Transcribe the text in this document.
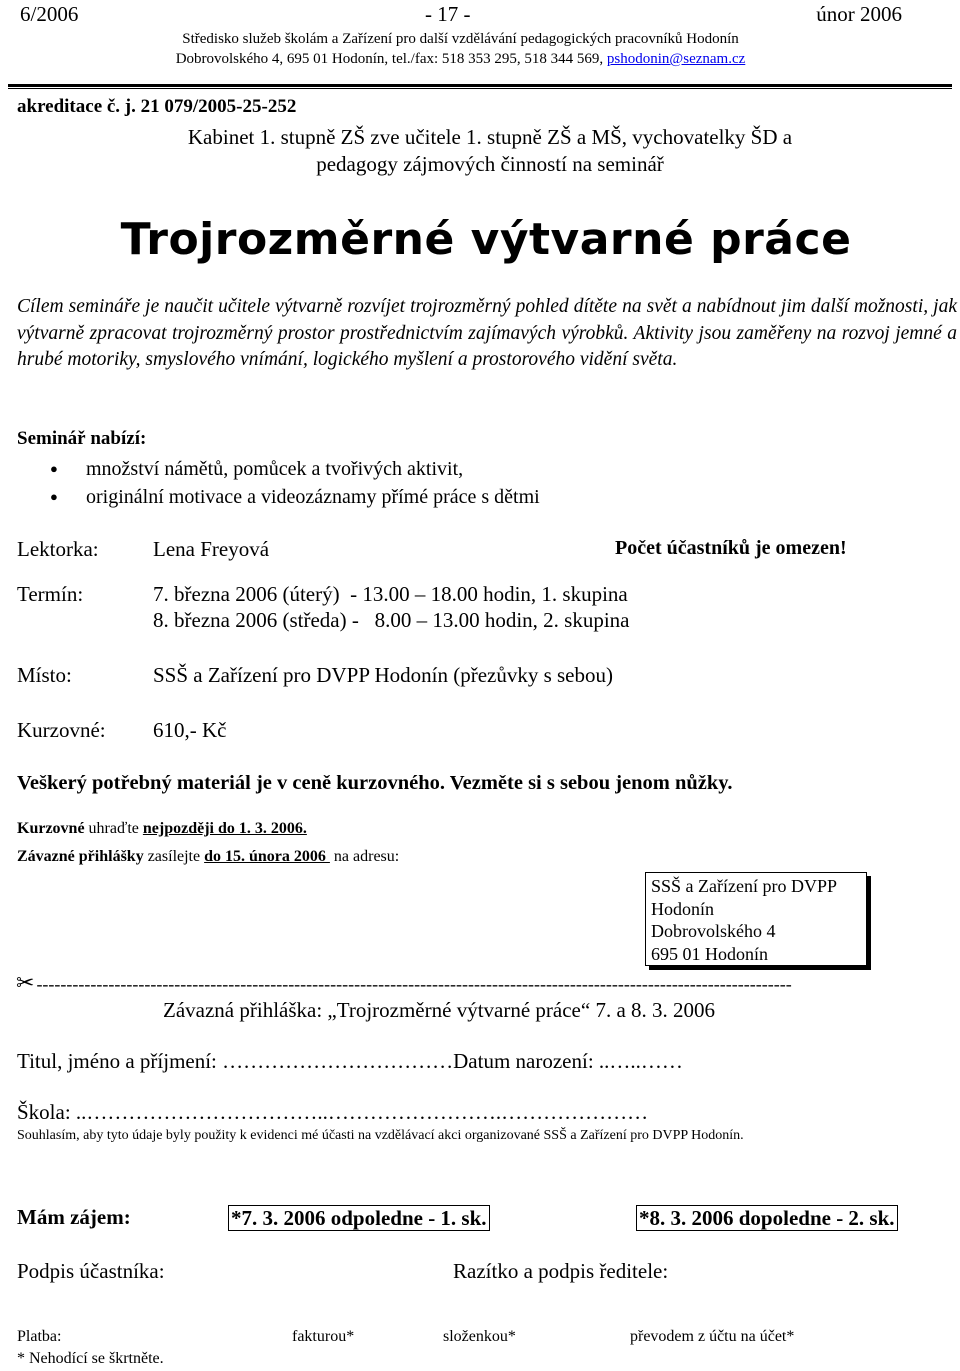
6/2006	- 17 -	únor 2006
Středisko služeb školám a Zařízení pro další vzdělávání pedagogických pracovníků Hodonín
Dobrovolského 4, 695 01 Hodonín, tel./fax: 518 353 295, 518 344 569, pshodonin@seznam.cz
akreditace č. j. 21 079/2005-25-252
Kabinet 1. stupně ZŠ zve učitele 1. stupně ZŠ a MŠ, vychovatelky ŠD a
pedagogy zájmových činností na seminář
Trojrozměrné výtvarné práce

Cílem semináře je naučit učitele výtvarně rozvíjet trojrozměrný pohled dítěte na svět a nabídnout jim další možnosti, jak výtvarně zpracovat trojrozměrný prostor prostřednictvím zajímavých výrobků. Aktivity jsou zaměřeny na rozvoj jemné a hrubé motoriky, smyslového vnímání, logického myšlení a prostorového vidění světa.

Seminář nabízí:
● množství námětů, pomůcek a tvořivých aktivit,
● originální motivace a videozáznamy přímé práce s dětmi
Lektorka:	Lena Freyová	Počet účastníků je omezen!
Termín:	7. března 2006 (úterý)  - 13.00 – 18.00 hodin, 1. skupina
8. března 2006 (středa) -   8.00 – 13.00 hodin, 2. skupina
Místo:	SSŠ a Zařízení pro DVPP Hodonín (přezůvky s sebou)
Kurzovné: 610,- Kč
Veškerý potřebný materiál je v ceně kurzovného. Vezměte si s sebou jenom nůžky.
Kurzovné uhraďte nejpozději do 1. 3. 2006.
Závazné přihlášky zasílejte do 15. února 2006  na adresu:
SSŠ a Zařízení pro DVPP
Hodonín
Dobrovolského 4
695 01 Hodonín
✂ ------------------------------------------------------------------------------------------------------------------------------
Závazná přihláška: „Trojrozměrné výtvarné práce“ 7. a 8. 3. 2006
Titul, jméno a příjmení: ……………………………Datum narození: ..…..……
Škola: ..……………………………..…………………….…………………
Souhlasím, aby tyto údaje byly použity k evidenci mé účasti na vzdělávací akci organizované SSŠ a Zařízení pro DVPP Hodonín.
Mám zájem:	*7. 3. 2006 odpoledne - 1. sk.	*8. 3. 2006 dopoledne - 2. sk.
Podpis účastníka:	Razítko a podpis ředitele:
Platba:	fakturou*	složenkou*	převodem z účtu na účet*
* Nehodící se škrtněte.
